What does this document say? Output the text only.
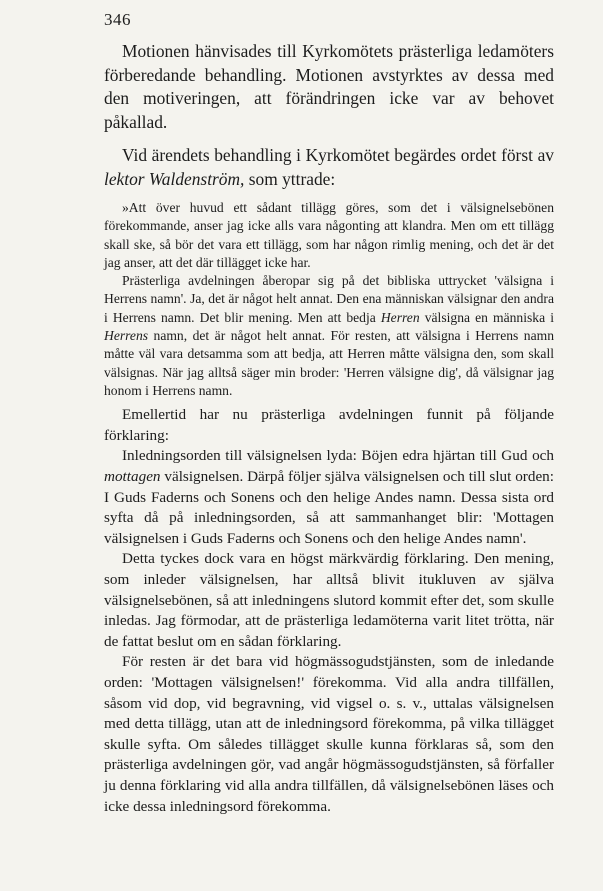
346

Motionen hänvisades till Kyrkomötets prästerliga ledamöters förberedande behandling. Motionen avstyrktes av dessa med den motiveringen, att förändringen icke var av behovet påkallad.

Vid ärendets behandling i Kyrkomötet begärdes ordet först av lektor Waldenström, som yttrade:

»Att över huvud ett sådant tillägg göres, som det i välsignelsebönen förekommande, anser jag icke alls vara någonting att klandra. Men om ett tillägg skall ske, så bör det vara ett tillägg, som har någon rimlig mening, och det är det jag anser, att det där tillägget icke har.

Prästerliga avdelningen åberopar sig på det bibliska uttrycket 'välsigna i Herrens namn'. Ja, det är något helt annat. Den ena människan välsignar den andra i Herrens namn. Det blir mening. Men att bedja Herren välsigna en människa i Herrens namn, det är något helt annat. För resten, att välsigna i Herrens namn måtte väl vara detsamma som att bedja, att Herren måtte välsigna den, som skall välsignas. När jag alltså säger min broder: 'Herren välsigne dig', då välsignar jag honom i Herrens namn.

Emellertid har nu prästerliga avdelningen funnit på följande förklaring:

Inledningsorden till välsignelsen lyda: Böjen edra hjärtan till Gud och mottagen välsignelsen. Därpå följer själva välsignelsen och till slut orden: I Guds Faderns och Sonens och den helige Andes namn. Dessa sista ord syfta då på inledningsorden, så att sammanhanget blir: 'Mottagen välsignelsen i Guds Faderns och Sonens och den helige Andes namn'.

Detta tyckes dock vara en högst märkvärdig förklaring. Den mening, som inleder välsignelsen, har alltså blivit itukluven av själva välsignelsebönen, så att inledningens slutord kommit efter det, som skulle inledas. Jag förmodar, att de prästerliga ledamöterna varit litet trötta, när de fattat beslut om en sådan förklaring.

För resten är det bara vid högmässogudstjänsten, som de inledande orden: 'Mottagen välsignelsen!' förekomma. Vid alla andra tillfällen, såsom vid dop, vid begravning, vid vigsel o. s. v., uttalas välsignelsen med detta tillägg, utan att de inledningsord förekomma, på vilka tillägget skulle syfta. Om således tillägget skulle kunna förklaras så, som den prästerliga avdelningen gör, vad angår högmässogudstjänsten, så förfaller ju denna förklaring vid alla andra tillfällen, då välsignelsebönen läses och icke dessa inledningsord förekomma.
